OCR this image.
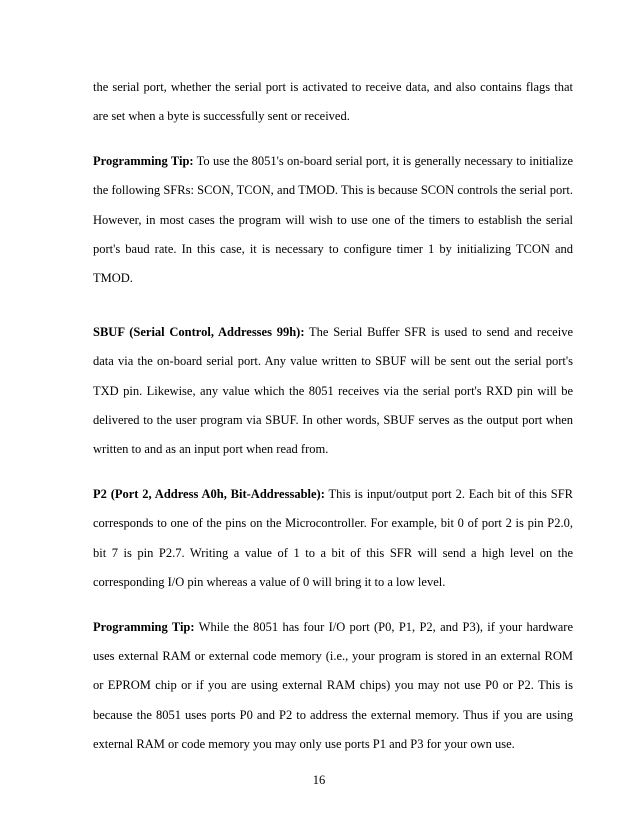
the serial port, whether the serial port is activated to receive data, and also contains flags that are set when a byte is successfully sent or received.

Programming Tip: To use the 8051's on-board serial port, it is generally necessary to initialize the following SFRs: SCON, TCON, and TMOD. This is because SCON controls the serial port. However, in most cases the program will wish to use one of the timers to establish the serial port's baud rate. In this case, it is necessary to configure timer 1 by initializing TCON and TMOD.

SBUF (Serial Control, Addresses 99h): The Serial Buffer SFR is used to send and receive data via the on-board serial port. Any value written to SBUF will be sent out the serial port's TXD pin. Likewise, any value which the 8051 receives via the serial port's RXD pin will be delivered to the user program via SBUF. In other words, SBUF serves as the output port when written to and as an input port when read from.

P2 (Port 2, Address A0h, Bit-Addressable): This is input/output port 2. Each bit of this SFR corresponds to one of the pins on the Microcontroller. For example, bit 0 of port 2 is pin P2.0, bit 7 is pin P2.7. Writing a value of 1 to a bit of this SFR will send a high level on the corresponding I/O pin whereas a value of 0 will bring it to a low level.

Programming Tip: While the 8051 has four I/O port (P0, P1, P2, and P3), if your hardware uses external RAM or external code memory (i.e., your program is stored in an external ROM or EPROM chip or if you are using external RAM chips) you may not use P0 or P2. This is because the 8051 uses ports P0 and P2 to address the external memory. Thus if you are using external RAM or code memory you may only use ports P1 and P3 for your own use.

16
